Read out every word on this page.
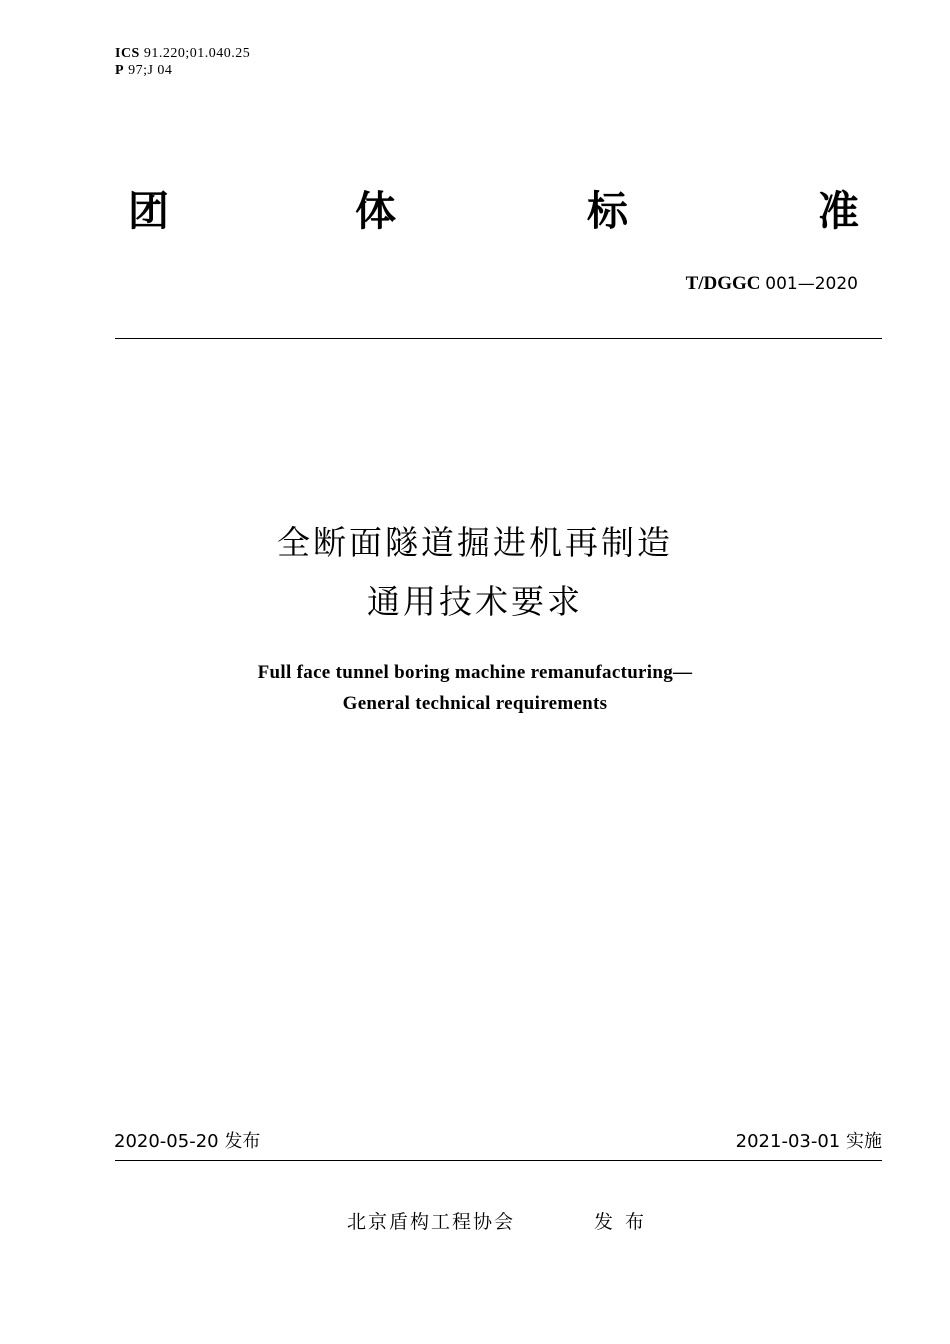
ICS 91.220;01.040.25
P 97;J 04
团	体	标	准
T/DGGC 001—2020
全断面隧道掘进机再制造
通用技术要求
Full face tunnel boring machine remanufacturing—
General technical requirements
2020-05-20 发布	2021-03-01 实施
北京盾构工程协会	发布
